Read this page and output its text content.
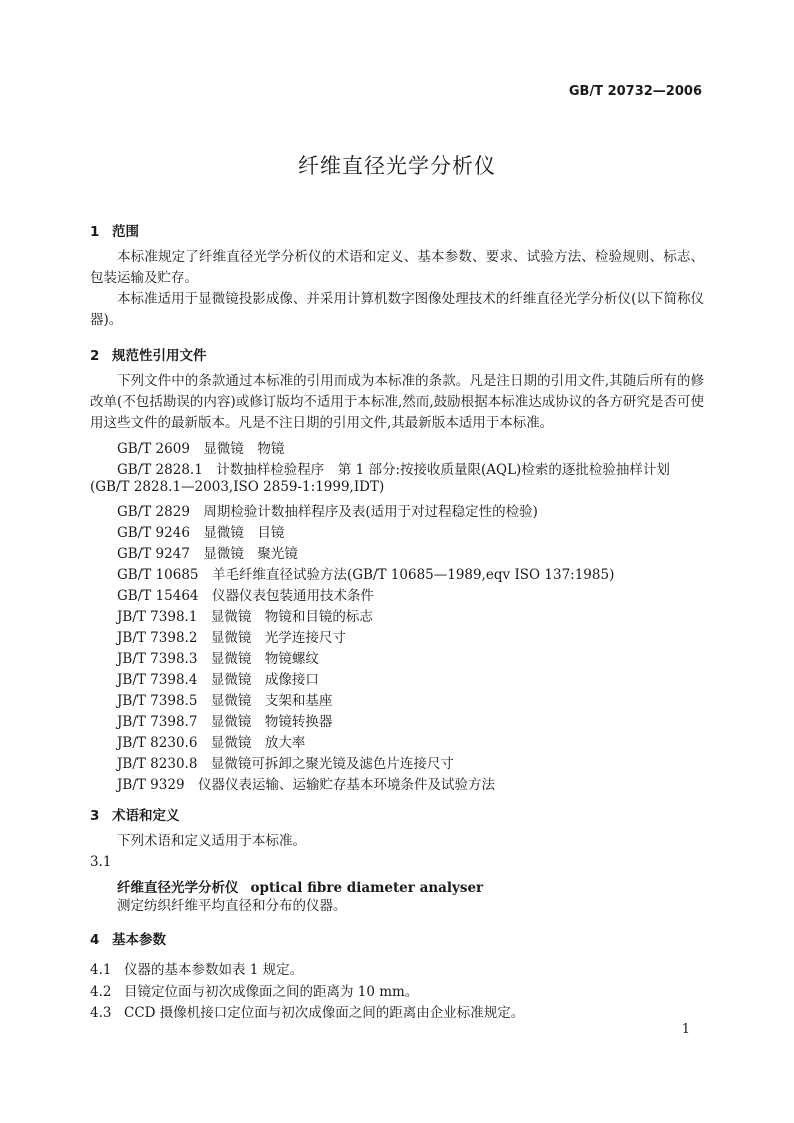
GB/T 20732—2006
纤维直径光学分析仪
1 范围
本标准规定了纤维直径光学分析仪的术语和定义、基本参数、要求、试验方法、检验规则、标志、包装运输及贮存。
本标准适用于显微镜投影成像、并采用计算机数字图像处理技术的纤维直径光学分析仪(以下简称仪器)。
2 规范性引用文件
下列文件中的条款通过本标准的引用而成为本标准的条款。凡是注日期的引用文件,其随后所有的修改单(不包括勘误的内容)或修订版均不适用于本标准,然而,鼓励根据本标准达成协议的各方研究是否可使用这些文件的最新版本。凡是不注日期的引用文件,其最新版本适用于本标准。
GB/T 2609　显微镜　物镜
GB/T 2828.1　计数抽样检验程序　第 1 部分:按接收质量限(AQL)检索的逐批检验抽样计划
(GB/T 2828.1—2003,ISO 2859-1:1999,IDT)
GB/T 2829　周期检验计数抽样程序及表(适用于对过程稳定性的检验)
GB/T 9246　显微镜　目镜
GB/T 9247　显微镜　聚光镜
GB/T 10685　羊毛纤维直径试验方法(GB/T 10685—1989,eqv ISO 137:1985)
GB/T 15464　仪器仪表包装通用技术条件
JB/T 7398.1　显微镜　物镜和目镜的标志
JB/T 7398.2　显微镜　光学连接尺寸
JB/T 7398.3　显微镜　物镜螺纹
JB/T 7398.4　显微镜　成像接口
JB/T 7398.5　显微镜　支架和基座
JB/T 7398.7　显微镜　物镜转换器
JB/T 8230.6　显微镜　放大率
JB/T 8230.8　显微镜可拆卸之聚光镜及滤色片连接尺寸
JB/T 9329　仪器仪表运输、运输贮存基本环境条件及试验方法
3 术语和定义
下列术语和定义适用于本标准。
3.1
纤维直径光学分析仪 optical fibre diameter analyser
测定纺织纤维平均直径和分布的仪器。
4 基本参数
4.1 仪器的基本参数如表 1 规定。
4.2 目镜定位面与初次成像面之间的距离为 10 mm。
4.3 CCD 摄像机接口定位面与初次成像面之间的距离由企业标准规定。
1
